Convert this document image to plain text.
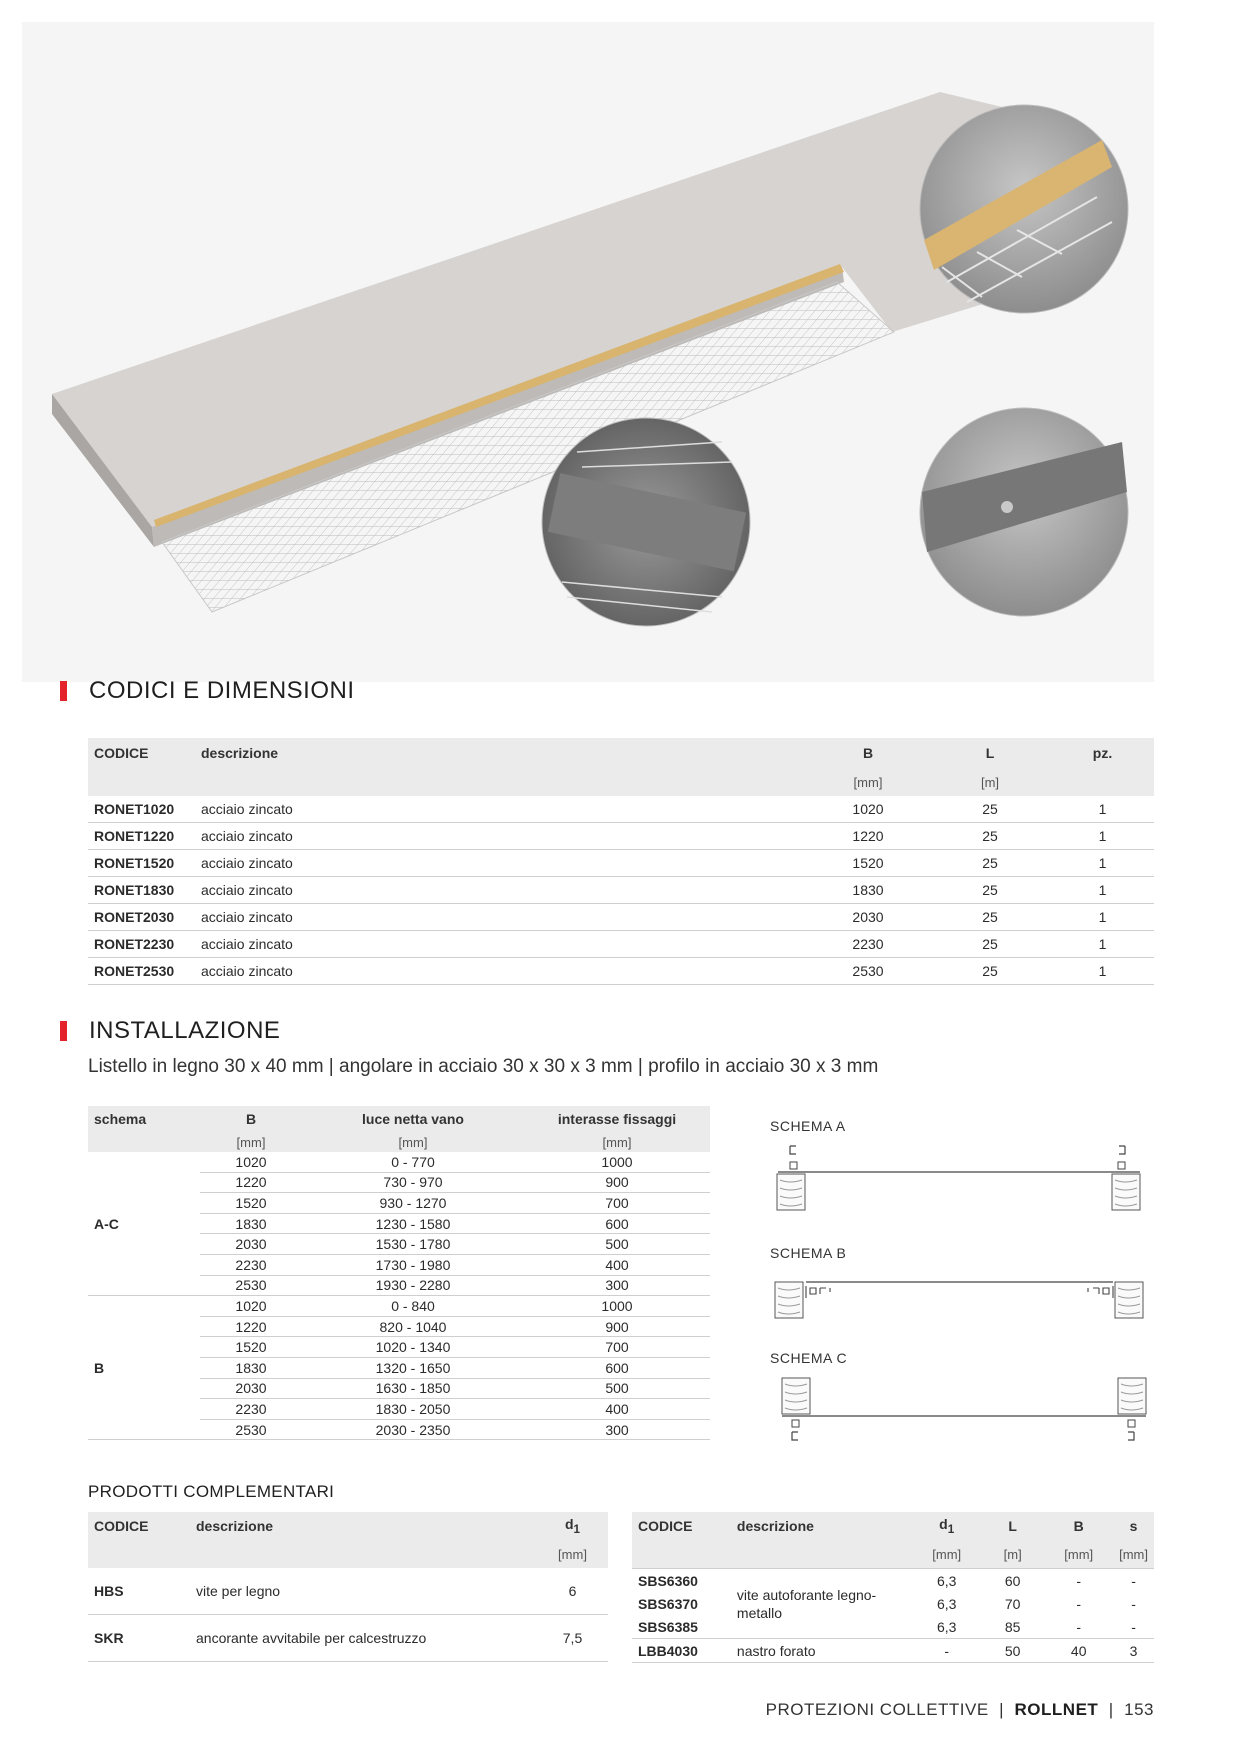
CODICI E DIMENSIONI
CODICE	descrizione	B	L	pz.
		[mm]	[m]	
RONET1020	acciaio zincato	1020	25	1
RONET1220	acciaio zincato	1220	25	1
RONET1520	acciaio zincato	1520	25	1
RONET1830	acciaio zincato	1830	25	1
RONET2030	acciaio zincato	2030	25	1
RONET2230	acciaio zincato	2230	25	1
RONET2530	acciaio zincato	2530	25	1
INSTALLAZIONE
Listello in legno 30 x 40 mm | angolare in acciaio 30 x 30 x 3 mm | profilo in acciaio 30 x 3 mm
schema	B	luce netta vano	interasse fissaggi
	[mm]	[mm]	[mm]
A-C	1020	0 - 770	1000
	1220	730 - 970	900
	1520	930 - 1270	700
	1830	1230 - 1580	600
	2030	1530 - 1780	500
	2230	1730 - 1980	400
	2530	1930 - 2280	300
B	1020	0 - 840	1000
	1220	820 - 1040	900
	1520	1020 - 1340	700
	1830	1320 - 1650	600
	2030	1630 - 1850	500
	2230	1830 - 2050	400
	2530	2030 - 2350	300
SCHEMA A
SCHEMA B
SCHEMA C
PRODOTTI COMPLEMENTARI
CODICE	descrizione	$d_1$
		[mm]
HBS	vite per legno	6
SKR	ancorante avvitabile per calcestruzzo	7,5
CODICE	descrizione	$d_1$	L	B	s
		[mm]	[m]	[mm]	[mm]
SBS6360	vite autoforante legno-metallo	6,3	60	-	-
SBS6370		6,3	70	-	-
SBS6385		6,3	85	-	-
LBB4030	nastro forato	-	50	40	3
PROTEZIONI COLLETTIVE  |  ROLLNET  |  153
